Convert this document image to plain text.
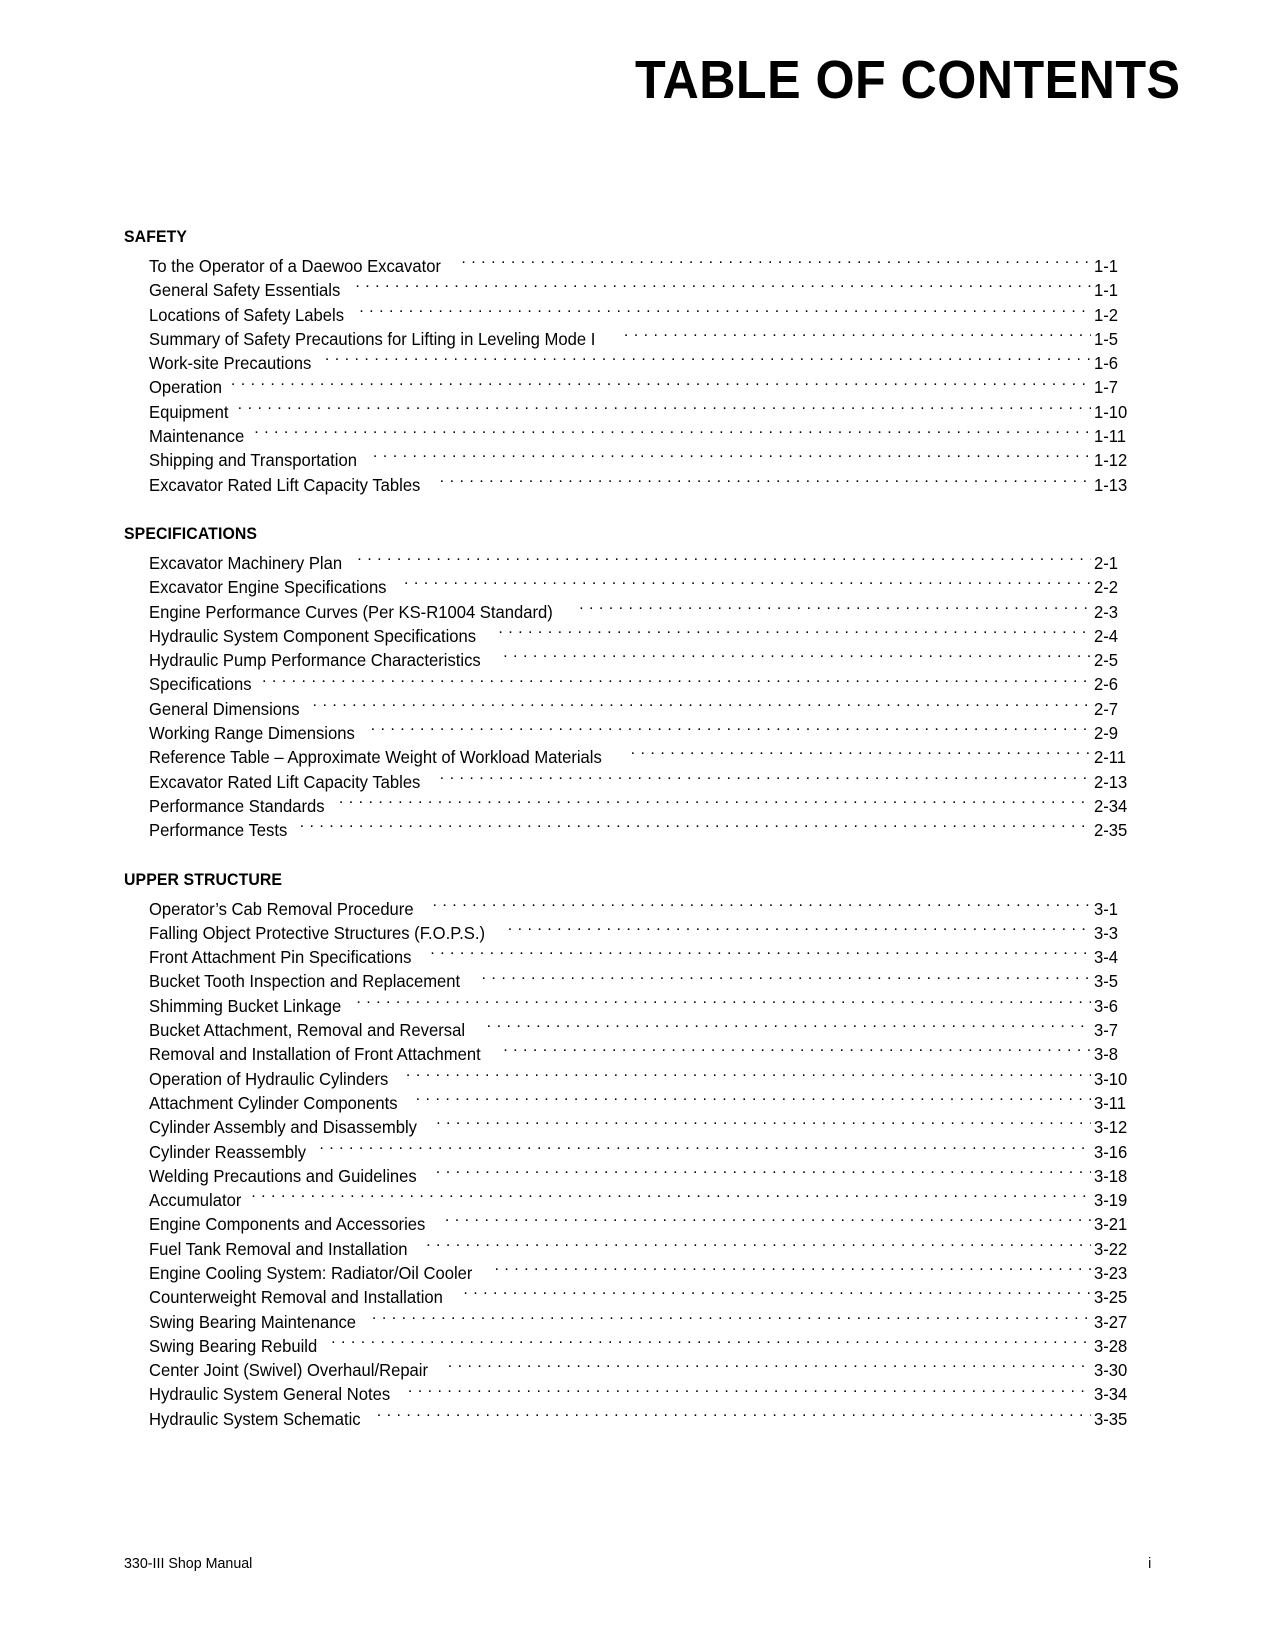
TABLE OF CONTENTS
SAFETY
To the Operator of a Daewoo Excavator . . .	1-1
General Safety Essentials . . .	1-1
Locations of Safety Labels . . .	1-2
Summary of Safety Precautions for Lifting in Leveling Mode I . . .	1-5
Work-site Precautions . . .	1-6
Operation . . .	1-7
Equipment . . .	1-10
Maintenance . . .	1-11
Shipping and Transportation . . .	1-12
Excavator Rated Lift Capacity Tables . . .	1-13
SPECIFICATIONS
Excavator Machinery Plan . . .	2-1
Excavator Engine Specifications . . .	2-2
Engine Performance Curves (Per KS-R1004 Standard) . . .	2-3
Hydraulic System Component Specifications . . .	2-4
Hydraulic Pump Performance Characteristics . . .	2-5
Specifications . . .	2-6
General Dimensions . . .	2-7
Working Range Dimensions . . .	2-9
Reference Table – Approximate Weight of Workload Materials . . .	2-11
Excavator Rated Lift Capacity Tables . . .	2-13
Performance Standards . . .	2-34
Performance Tests . . .	2-35
UPPER STRUCTURE
Operator’s Cab Removal Procedure . . .	3-1
Falling Object Protective Structures (F.O.P.S.) . . .	3-3
Front Attachment Pin Specifications . . .	3-4
Bucket Tooth Inspection and Replacement . . .	3-5
Shimming Bucket Linkage . . .	3-6
Bucket Attachment, Removal and Reversal . . .	3-7
Removal and Installation of Front Attachment . . .	3-8
Operation of Hydraulic Cylinders . . .	3-10
Attachment Cylinder Components . . .	3-11
Cylinder Assembly and Disassembly . . .	3-12
Cylinder Reassembly . . .	3-16
Welding Precautions and Guidelines . . .	3-18
Accumulator . . .	3-19
Engine Components and Accessories . . .	3-21
Fuel Tank Removal and Installation . . .	3-22
Engine Cooling System: Radiator/Oil Cooler . . .	3-23
Counterweight Removal and Installation . . .	3-25
Swing Bearing Maintenance . . .	3-27
Swing Bearing Rebuild . . .	3-28
Center Joint (Swivel) Overhaul/Repair . . .	3-30
Hydraulic System General Notes . . .	3-34
Hydraulic System Schematic . . .	3-35
330-III Shop Manual	i
